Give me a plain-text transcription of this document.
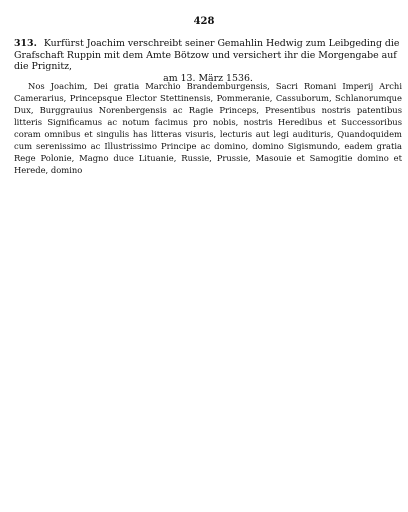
428
313. Kurfürst Joachim verschreibt seiner Gemahlin Hedwig zum Leibgeding die Grafschaft Ruppin mit dem Amte Bötzow und versichert ihr die Morgengabe auf die Prignitz,
am 13. März 1536.

Nos Joachim, Dei gratia Marchio Brandemburgensis, Sacri Romani Imperij Archi Camerarius, Princepsque Elector Stettinensis, Pommeranie, Cassuborum, Schlanorumque Dux, Burggrauius Norenbergensis ac Ragie Princeps, Presentibus nostris patentibus litteris Significamus ac notum facimus pro nobis, nostris Heredibus et Successoribus coram omnibus et singulis has litteras visuris, lecturis aut legi audituris, Quandoquidem cum serenissimo ac Illustrissimo Principe ac domino, domino Sigismundo, eadem gratia Rege Polonie, Magno duce Lituanie, Russie, Prussie, Masouie et Samogitie domino et Herede, domino
